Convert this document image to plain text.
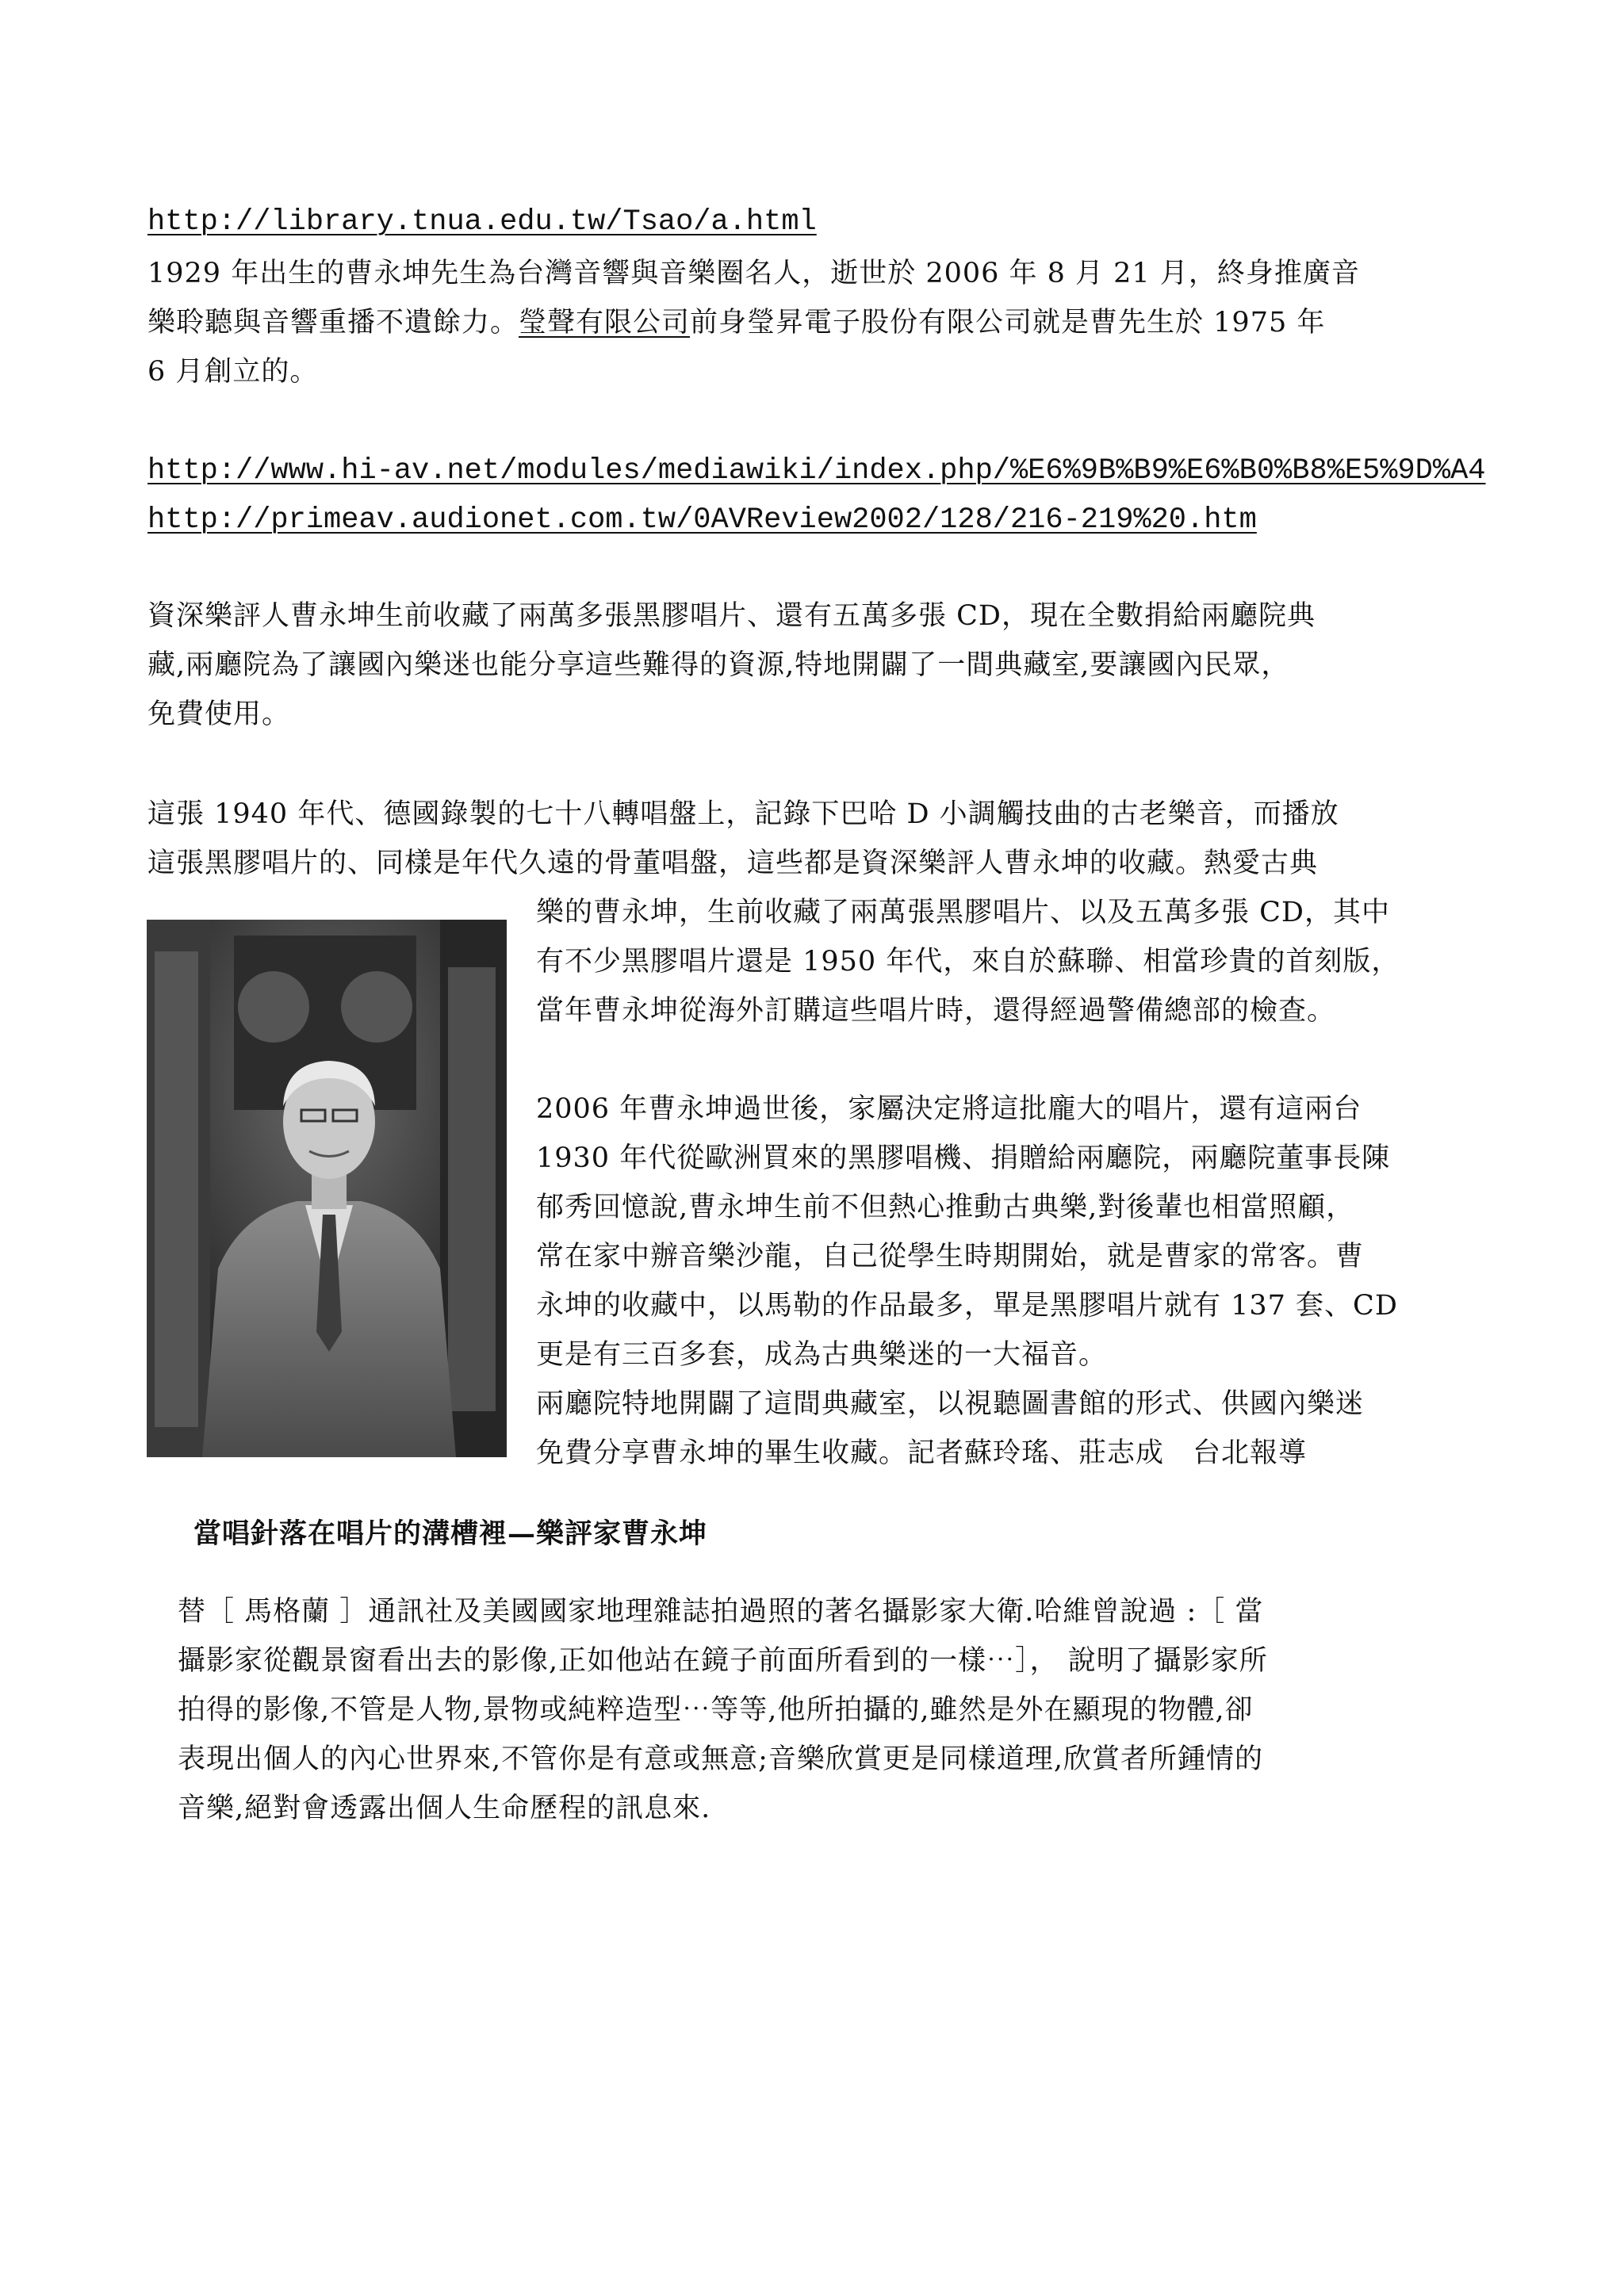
http://library.tnua.edu.tw/Tsao/a.html
1929 年出生的曹永坤先生為台灣音響與音樂圈名人，逝世於 2006 年 8 月 21 月，終身推廣音
樂聆聽與音響重播不遺餘力。瑩聲有限公司前身瑩昇電子股份有限公司就是曹先生於 1975 年
6 月創立的。
http://www.hi-av.net/modules/mediawiki/index.php/%E6%9B%B9%E6%B0%B8%E5%9D%A4
http://primeav.audionet.com.tw/0AVReview2002/128/216-219%20.htm
資深樂評人曹永坤生前收藏了兩萬多張黑膠唱片、還有五萬多張 CD，現在全數捐給兩廳院典
藏,兩廳院為了讓國內樂迷也能分享這些難得的資源,特地開闢了一間典藏室,要讓國內民眾，
免費使用。
這張 1940 年代、德國錄製的七十八轉唱盤上，記錄下巴哈 D 小調觸技曲的古老樂音，而播放
這張黑膠唱片的、同樣是年代久遠的骨董唱盤，這些都是資深樂評人曹永坤的收藏。熱愛古典
樂的曹永坤，生前收藏了兩萬張黑膠唱片、以及五萬多張 CD，其中
有不少黑膠唱片還是 1950 年代，來自於蘇聯、相當珍貴的首刻版，
當年曹永坤從海外訂購這些唱片時，還得經過警備總部的檢查。
2006 年曹永坤過世後，家屬決定將這批龐大的唱片，還有這兩台
1930 年代從歐洲買來的黑膠唱機、捐贈給兩廳院，兩廳院董事長陳
郁秀回憶說,曹永坤生前不但熱心推動古典樂,對後輩也相當照顧，
常在家中辦音樂沙龍，自己從學生時期開始，就是曹家的常客。曹
永坤的收藏中，以馬勒的作品最多，單是黑膠唱片就有 137 套、CD
更是有三百多套，成為古典樂迷的一大福音。
兩廳院特地開闢了這間典藏室，以視聽圖書館的形式、供國內樂迷
免費分享曹永坤的畢生收藏。記者蘇玲瑤、莊志成　台北報導
當唱針落在唱片的溝槽裡—樂評家曹永坤
替［ 馬格蘭 ］通訊社及美國國家地理雜誌拍過照的著名攝影家大衛.哈維曾說過 :［ 當
攝影家從觀景窗看出去的影像,正如他站在鏡子前面所看到的一樣⋯］， 說明了攝影家所
拍得的影像,不管是人物,景物或純粹造型⋯等等,他所拍攝的,雖然是外在顯現的物體,卻
表現出個人的內心世界來,不管你是有意或無意;音樂欣賞更是同樣道理,欣賞者所鍾情的
音樂,絕對會透露出個人生命歷程的訊息來.
